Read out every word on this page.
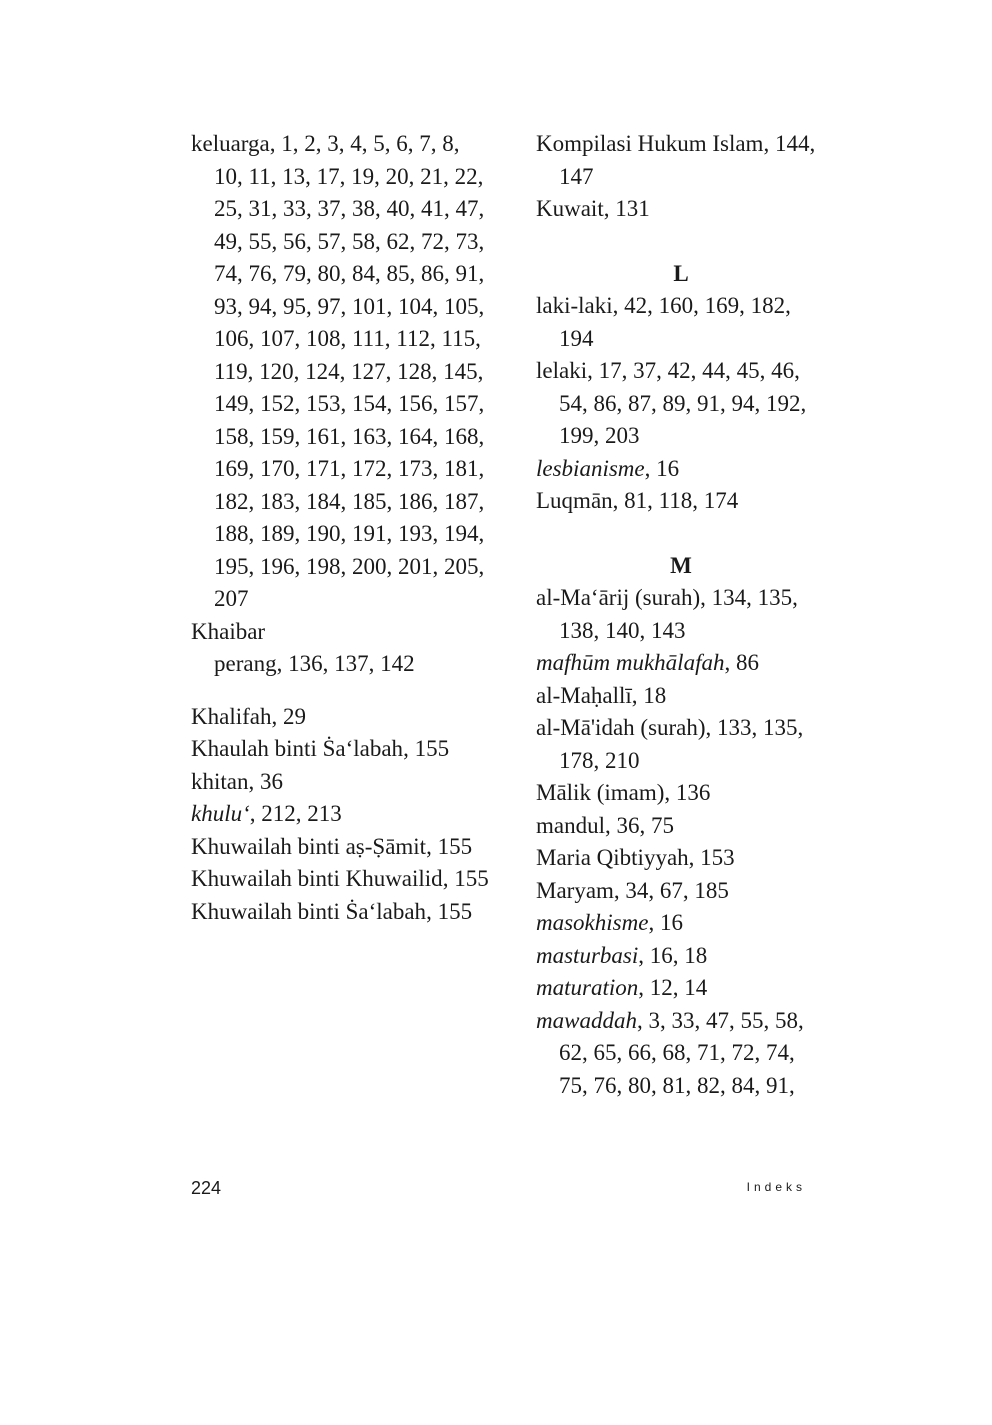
keluarga, 1, 2, 3, 4, 5, 6, 7, 8, 10, 11, 13, 17, 19, 20, 21, 22, 25, 31, 33, 37, 38, 40, 41, 47, 49, 55, 56, 57, 58, 62, 72, 73, 74, 76, 79, 80, 84, 85, 86, 91, 93, 94, 95, 97, 101, 104, 105, 106, 107, 108, 111, 112, 115, 119, 120, 124, 127, 128, 145, 149, 152, 153, 154, 156, 157, 158, 159, 161, 163, 164, 168, 169, 170, 171, 172, 173, 181, 182, 183, 184, 185, 186, 187, 188, 189, 190, 191, 193, 194, 195, 196, 198, 200, 201, 205, 207
Khaibar
perang, 136, 137, 142
Khalifah, 29
Khaulah binti Ṡa‘labah, 155
khitan, 36
khulu‘, 212, 213
Khuwailah binti aṣ-Ṣāmit, 155
Khuwailah binti Khuwailid, 155
Khuwailah binti Ṡa‘labah, 155
Kompilasi Hukum Islam, 144, 147
Kuwait, 131
L
laki-laki, 42, 160, 169, 182, 194
lelaki, 17, 37, 42, 44, 45, 46, 54, 86, 87, 89, 91, 94, 192, 199, 203
lesbianisme, 16
Luqmān, 81, 118, 174
M
al-Ma‘ārij (surah), 134, 135, 138, 140, 143
mafhūm mukhālafah, 86
al-Maḥallī, 18
al-Mā'idah (surah), 133, 135, 178, 210
Mālik (imam), 136
mandul, 36, 75
Maria Qibtiyyah, 153
Maryam, 34, 67, 185
masokhisme, 16
masturbasi, 16, 18
maturation, 12, 14
mawaddah, 3, 33, 47, 55, 58, 62, 65, 66, 68, 71, 72, 74, 75, 76, 80, 81, 82, 84, 91,
224	Indeks
